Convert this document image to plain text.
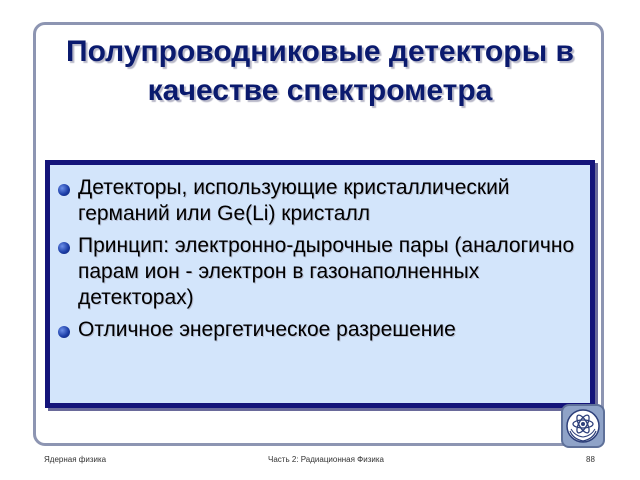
Полупроводниковые детекторы в качестве спектрометра
Детекторы, использующие кристаллический германий или Ge(Li) кристалл
Принцип: электронно-дырочные пары (аналогично парам ион - электрон в газонаполненных детекторах)
Отличное энергетическое разрешение
Ядерная физика	Часть 2: Радиационная Физика	88
